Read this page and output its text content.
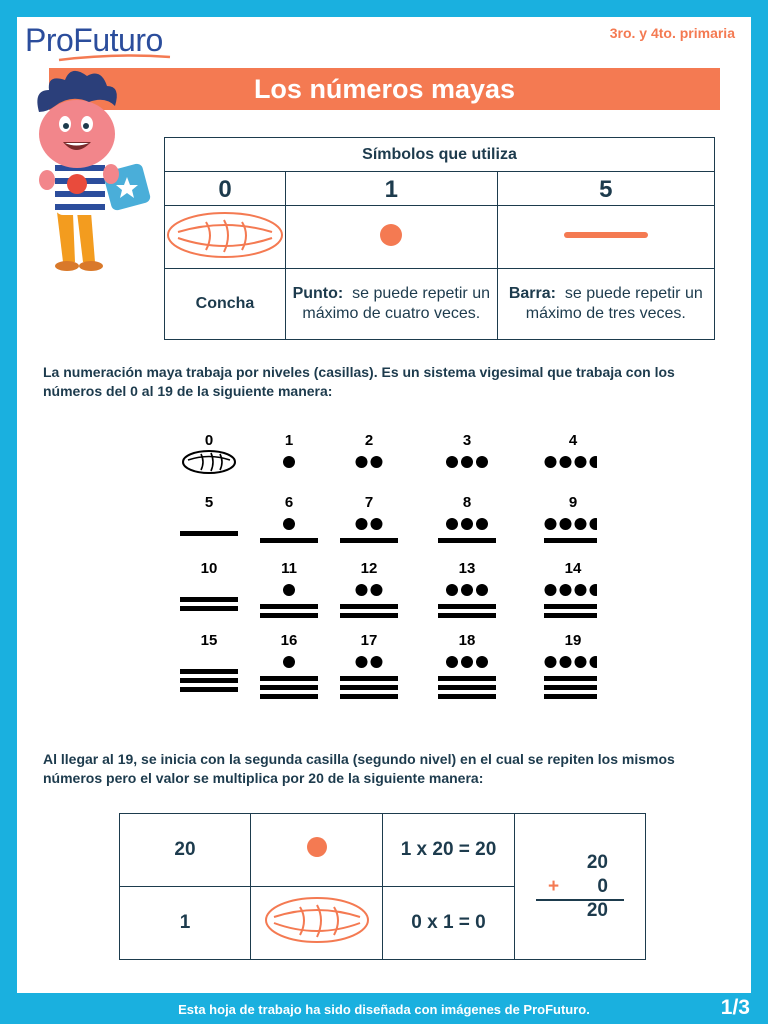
ProFuturo	3ro. y 4to. primaria
Los números mayas
Símbolos que utiliza		
0	1	5

Concha	Punto: se puede repetir un máximo de cuatro veces.	Barra: se puede repetir un máximo de tres veces.
La numeración maya trabaja por niveles (casillas). Es un sistema vigesimal que trabaja con los números del 0 al 19 de la siguiente manera:
0	1	2	3	4
5	6	7	8	9
10	11	12	13	14
15	16	17	18	19
Al llegar al 19, se inicia con la segunda casilla (segundo nivel) en el cual se repiten los mismos números pero el valor se multiplica por 20 de la siguiente manera:
20		1 x 20 = 20	20
+ 0
20

1		0 x 1 = 0	
Esta hoja de trabajo ha sido diseñada con imágenes de ProFuturo.	1/3
